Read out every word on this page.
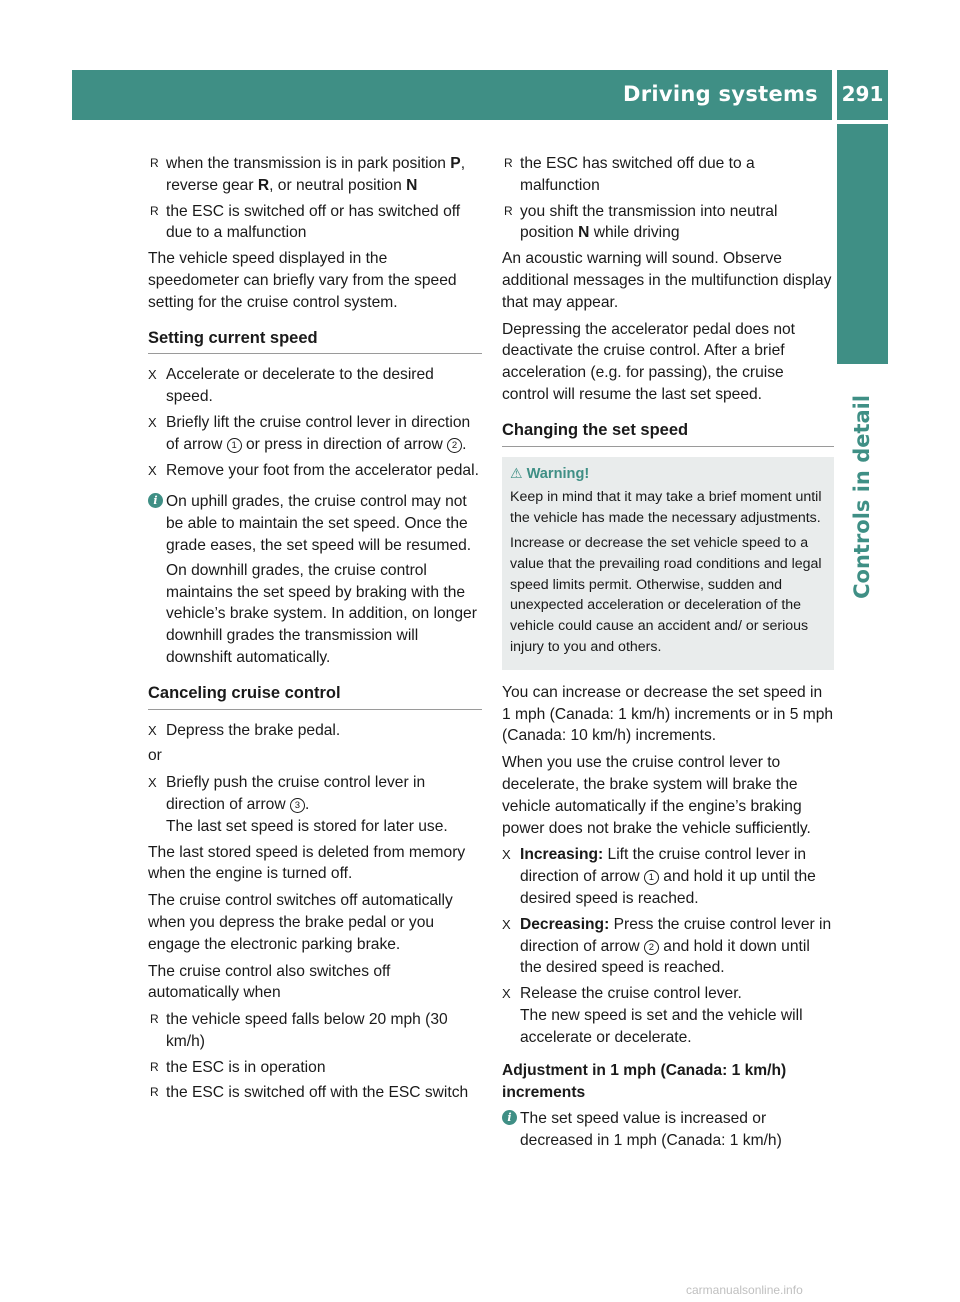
Driving systems	291
Controls in detail
R when the transmission is in park position P, reverse gear R, or neutral position N
R the ESC is switched off or has switched off due to a malfunction

The vehicle speed displayed in the speedometer can briefly vary from the speed setting for the cruise control system.

Setting current speed
X Accelerate or decelerate to the desired speed.
X Briefly lift the cruise control lever in direction of arrow 1 or press in direction of arrow 2 .
X Remove your foot from the accelerator pedal.
i On uphill grades, the cruise control may not be able to maintain the set speed. Once the grade eases, the set speed will be resumed.

On downhill grades, the cruise control maintains the set speed by braking with the vehicle’s brake system. In addition, on longer downhill grades the transmission will downshift automatically.

Canceling cruise control
X Depress the brake pedal.

or

X Briefly push the cruise control lever in direction of arrow 3 .
The last set speed is stored for later use.

The last stored speed is deleted from memory when the engine is turned off.

The cruise control switches off automatically when you depress the brake pedal or you engage the electronic parking brake.

The cruise control also switches off automatically when

R the vehicle speed falls below 20 mph (30 km/h)
R the ESC is in operation
R the ESC is switched off with the ESC switch
R the ESC has switched off due to a malfunction
R you shift the transmission into neutral position N while driving

An acoustic warning will sound. Observe additional messages in the multifunction display that may appear.

Depressing the accelerator pedal does not deactivate the cruise control. After a brief acceleration (e.g. for passing), the cruise control will resume the last set speed.

Changing the set speed
⚠ Warning!

Keep in mind that it may take a brief moment until the vehicle has made the necessary adjustments.

Increase or decrease the set vehicle speed to a value that the prevailing road conditions and legal speed limits permit. Otherwise, sudden and unexpected acceleration or deceleration of the vehicle could cause an accident and/ or serious injury to you and others.

You can increase or decrease the set speed in 1 mph (Canada: 1 km/h) increments or in 5 mph (Canada: 10 km/h) increments.

When you use the cruise control lever to decelerate, the brake system will brake the vehicle automatically if the engine’s braking power does not brake the vehicle sufficiently.

X Increasing: Lift the cruise control lever in direction of arrow 1 and hold it up until the desired speed is reached.
X Decreasing: Press the cruise control lever in direction of arrow 2 and hold it down until the desired speed is reached.
X Release the cruise control lever.
The new speed is set and the vehicle will accelerate or decelerate.
Adjustment in 1 mph (Canada: 1 km/h) increments
i The set speed value is increased or decreased in 1 mph (Canada: 1 km/h)

carmanualsonline.info
